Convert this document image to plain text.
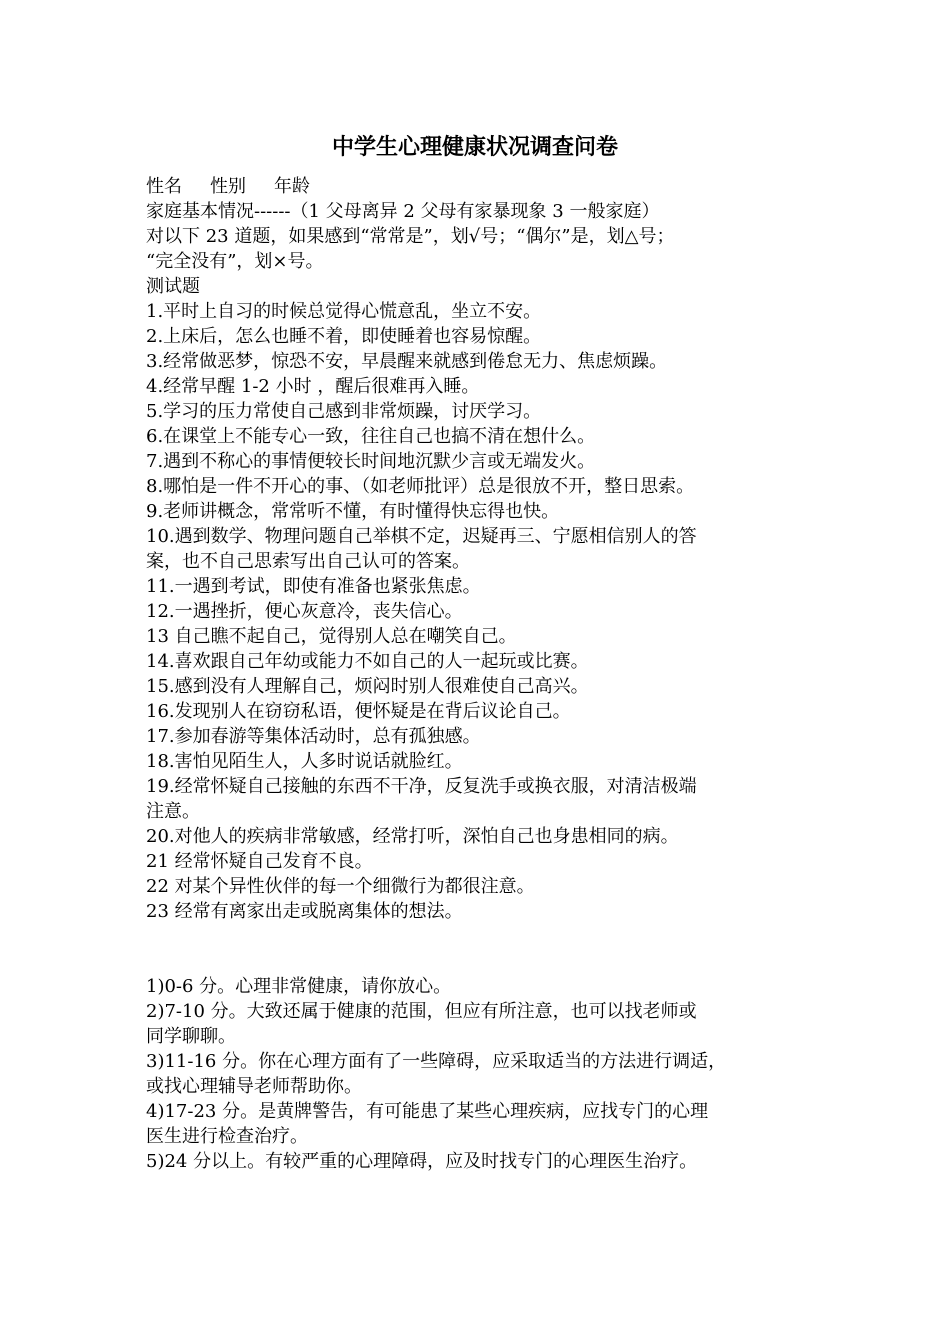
中学生心理健康状况调查问卷
性名 性别 年龄
家庭基本情况------（1 父母离异 2 父母有家暴现象 3 一般家庭）
对以下 23 道题，如果感到“常常是”，划√号；“偶尔”是，划△号；
“完全没有”，划×号。
测试题
1.平时上自习的时候总觉得心慌意乱，坐立不安。
2.上床后，怎么也睡不着，即使睡着也容易惊醒。
3.经常做恶梦，惊恐不安，早晨醒来就感到倦怠无力、焦虑烦躁。
4.经常早醒 1-2 小时 ，醒后很难再入睡。
5.学习的压力常使自己感到非常烦躁，讨厌学习。
6.在课堂上不能专心一致，往往自己也搞不清在想什么。
7.遇到不称心的事情便较长时间地沉默少言或无端发火。
8.哪怕是一件不开心的事、（如老师批评）总是很放不开，整日思索。
9.老师讲概念，常常听不懂，有时懂得快忘得也快。
10.遇到数学、物理问题自己举棋不定，迟疑再三、宁愿相信别人的答
案，也不自己思索写出自己认可的答案。
11.一遇到考试，即使有准备也紧张焦虑。
12.一遇挫折，便心灰意冷，丧失信心。
13 自己瞧不起自己，觉得别人总在嘲笑自己。
14.喜欢跟自己年幼或能力不如自己的人一起玩或比赛。
15.感到没有人理解自己，烦闷时别人很难使自己高兴。
16.发现别人在窃窃私语，便怀疑是在背后议论自己。
17.参加春游等集体活动时，总有孤独感。
18.害怕见陌生人，人多时说话就脸红。
19.经常怀疑自己接触的东西不干净，反复洗手或换衣服，对清洁极端
注意。
20.对他人的疾病非常敏感，经常打听，深怕自己也身患相同的病。
21 经常怀疑自己发育不良。
22 对某个异性伙伴的每一个细微行为都很注意。
23 经常有离家出走或脱离集体的想法。
1)0-6 分。心理非常健康，请你放心。
2)7-10 分。大致还属于健康的范围，但应有所注意，也可以找老师或
同学聊聊。
3)11-16 分。你在心理方面有了一些障碍，应采取适当的方法进行调适，
或找心理辅导老师帮助你。
4)17-23 分。是黄牌警告，有可能患了某些心理疾病，应找专门的心理
医生进行检查治疗。
5)24 分以上。有较严重的心理障碍，应及时找专门的心理医生治疗。
